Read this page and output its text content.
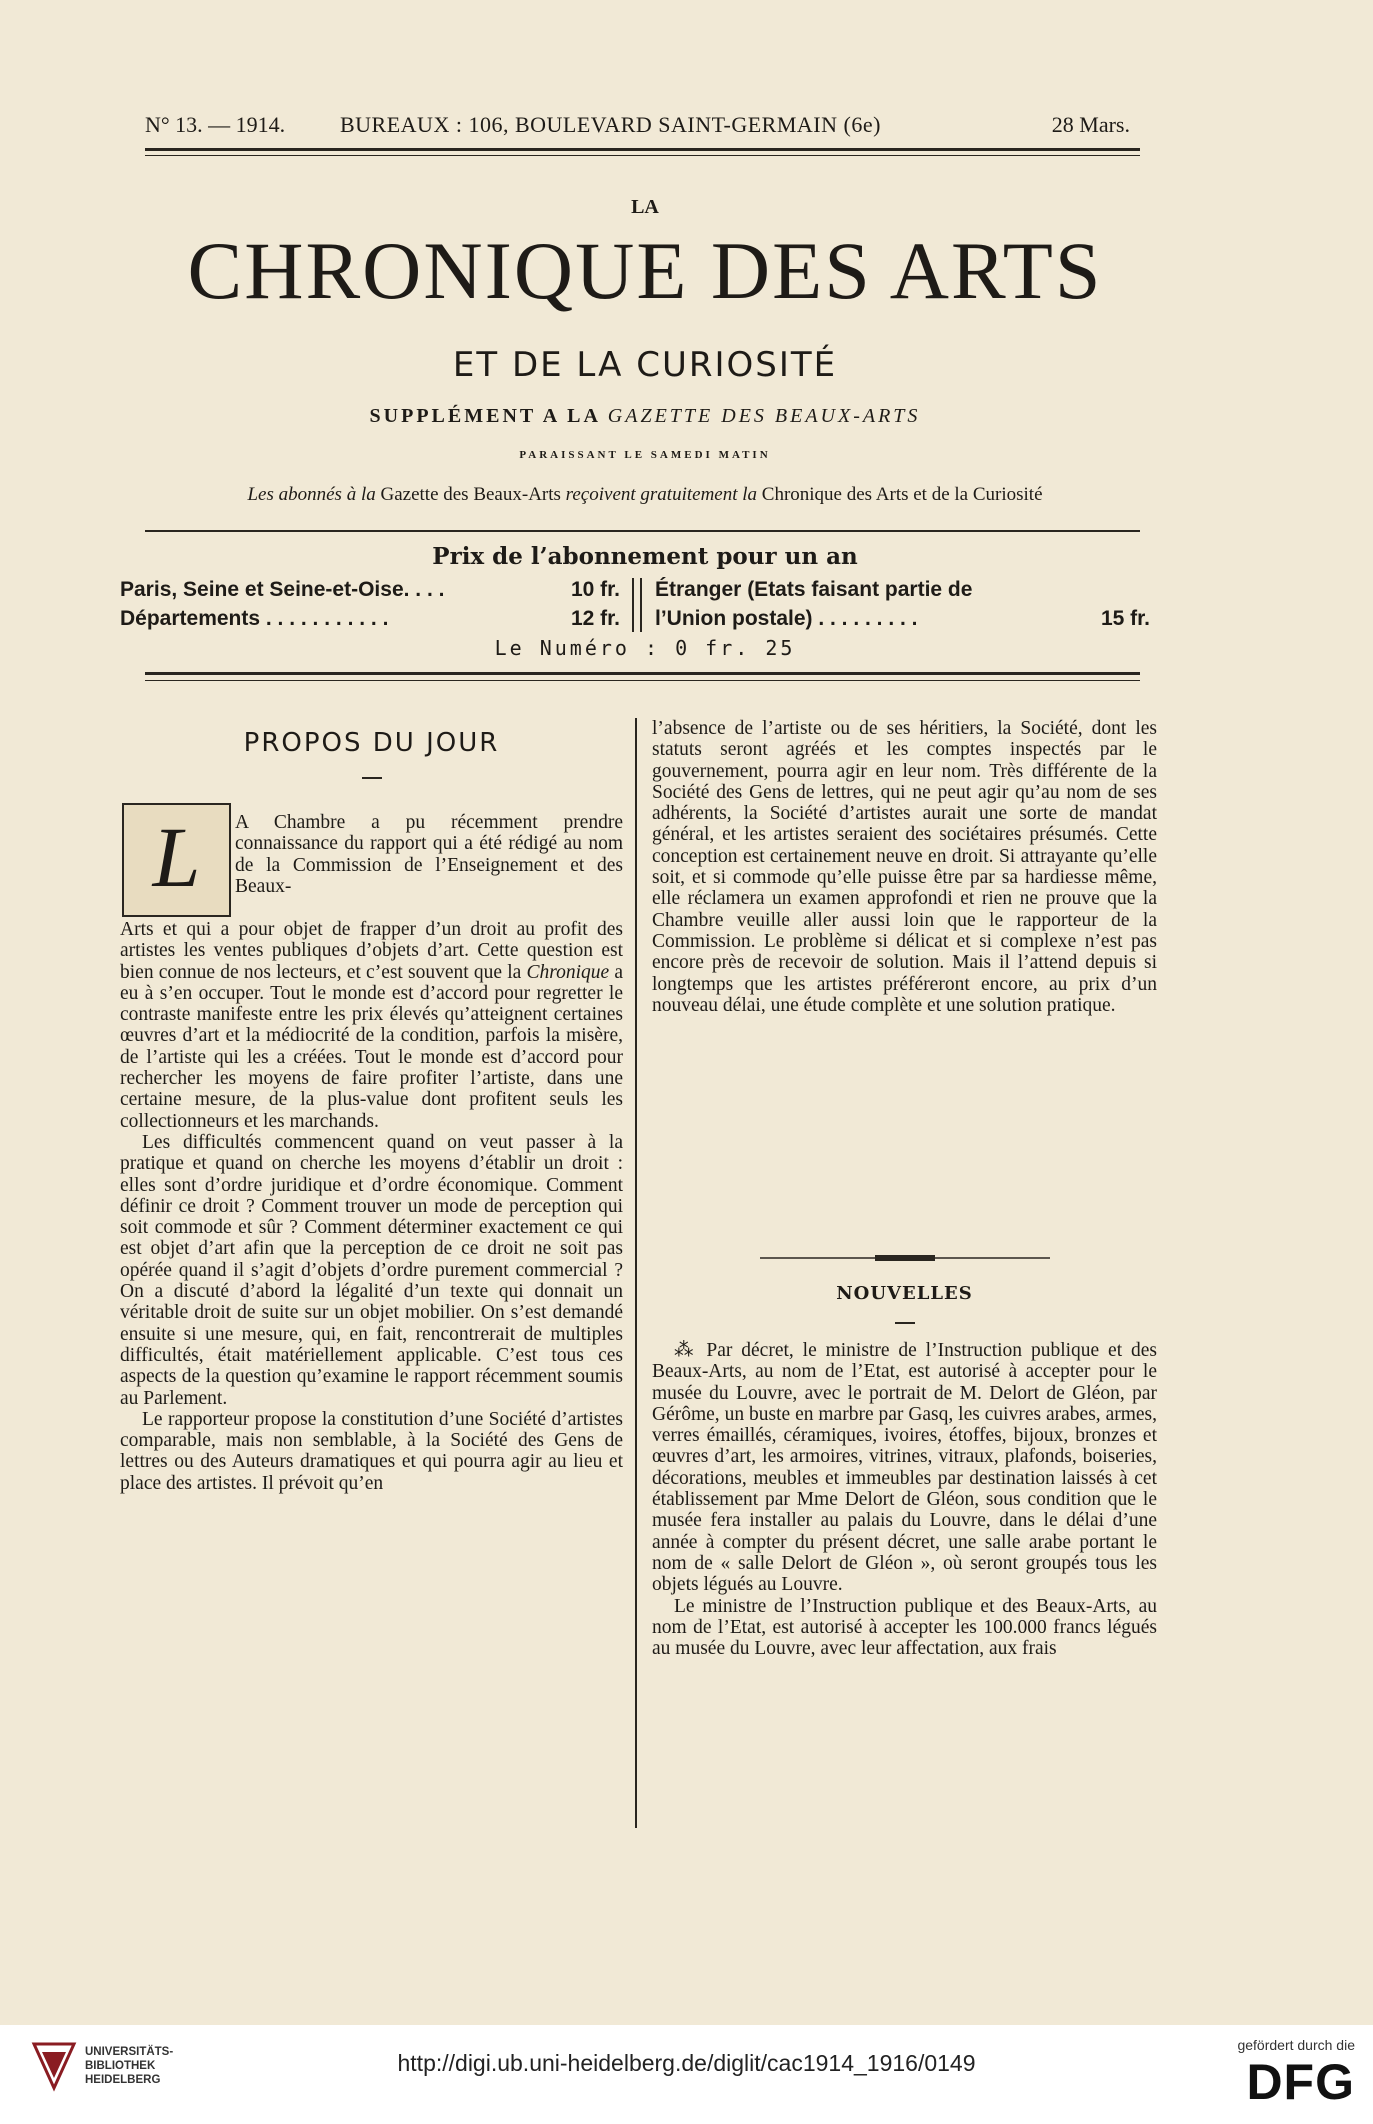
N° 13. — 1914. BUREAUX : 106, BOULEVARD SAINT-GERMAIN (6e)	28 Mars.
LA
CHRONIQUE DES ARTS
ET DE LA CURIOSITÉ
SUPPLÉMENT A LA GAZETTE DES BEAUX-ARTS
PARAISSANT LE SAMEDI MATIN
Les abonnés à la Gazette des Beaux-Arts reçoivent gratuitement la Chronique des Arts et de la Curiosité
Prix de l’abonnement pour un an
Paris, Seine et Seine-et-Oise. . . .	10 fr.
Départements . . . . . . . . . . .	12 fr.
Étranger (Etats faisant partie de
l’Union postale) . . . . . . . . .	15 fr.
Le Numéro : 0 fr. 25
PROPOS DU JOUR
L	A Chambre a pu récemment prendre connaissance du rapport qui a été rédigé au nom de la Commission de l’Enseignement et des Beaux-

Arts et qui a pour objet de frapper d’un droit au profit des artistes les ventes publiques d’objets d’art. Cette question est bien connue de nos lecteurs, et c’est souvent que la Chronique a eu à s’en occuper. Tout le monde est d’accord pour regretter le contraste manifeste entre les prix élevés qu’atteignent certaines œuvres d’art et la médiocrité de la condition, parfois la misère, de l’artiste qui les a créées. Tout le monde est d’accord pour rechercher les moyens de faire profiter l’artiste, dans une certaine mesure, de la plus-value dont profitent seuls les collectionneurs et les marchands.

Les difficultés commencent quand on veut passer à la pratique et quand on cherche les moyens d’établir un droit : elles sont d’ordre juridique et d’ordre économique. Comment définir ce droit ? Comment trouver un mode de perception qui soit commode et sûr ? Comment déterminer exactement ce qui est objet d’art afin que la perception de ce droit ne soit pas opérée quand il s’agit d’objets d’ordre purement commercial ? On a discuté d’abord la légalité d’un texte qui donnait un véritable droit de suite sur un objet mobilier. On s’est demandé ensuite si une mesure, qui, en fait, rencontrerait de multiples difficultés, était matériellement applicable. C’est tous ces aspects de la question qu’examine le rapport récemment soumis au Parlement.

Le rapporteur propose la constitution d’une Société d’artistes comparable, mais non semblable, à la Société des Gens de lettres ou des Auteurs dramatiques et qui pourra agir au lieu et place des artistes. Il prévoit qu’en

l’absence de l’artiste ou de ses héritiers, la Société, dont les statuts seront agréés et les comptes inspectés par le gouvernement, pourra agir en leur nom. Très différente de la Société des Gens de lettres, qui ne peut agir qu’au nom de ses adhérents, la Société d’artistes aurait une sorte de mandat général, et les artistes seraient des sociétaires présumés. Cette conception est certainement neuve en droit. Si attrayante qu’elle soit, et si commode qu’elle puisse être par sa hardiesse même, elle réclamera un examen approfondi et rien ne prouve que la Chambre veuille aller aussi loin que le rapporteur de la Commission. Le problème si délicat et si complexe n’est pas encore près de recevoir de solution. Mais il l’attend depuis si longtemps que les artistes préféreront encore, au prix d’un nouveau délai, une étude complète et une solution pratique.

NOUVELLES

⁂ Par décret, le ministre de l’Instruction publique et des Beaux-Arts, au nom de l’Etat, est autorisé à accepter pour le musée du Louvre, avec le portrait de M. Delort de Gléon, par Gérôme, un buste en marbre par Gasq, les cuivres arabes, armes, verres émaillés, céramiques, ivoires, étoffes, bijoux, bronzes et œuvres d’art, les armoires, vitrines, vitraux, plafonds, boiseries, décorations, meubles et immeubles par destination laissés à cet établissement par Mme Delort de Gléon, sous condition que le musée fera installer au palais du Louvre, dans le délai d’une année à compter du présent décret, une salle arabe portant le nom de « salle Delort de Gléon », où seront groupés tous les objets légués au Louvre.

Le ministre de l’Instruction publique et des Beaux-Arts, au nom de l’Etat, est autorisé à accepter les 100.000 francs légués au musée du Louvre, avec leur affectation, aux frais

UNIVERSITÄTS-
BIBLIOTHEK
HEIDELBERG
http://digi.ub.uni-heidelberg.de/diglit/cac1914_1916/0149
gefördert durch die
DFG
